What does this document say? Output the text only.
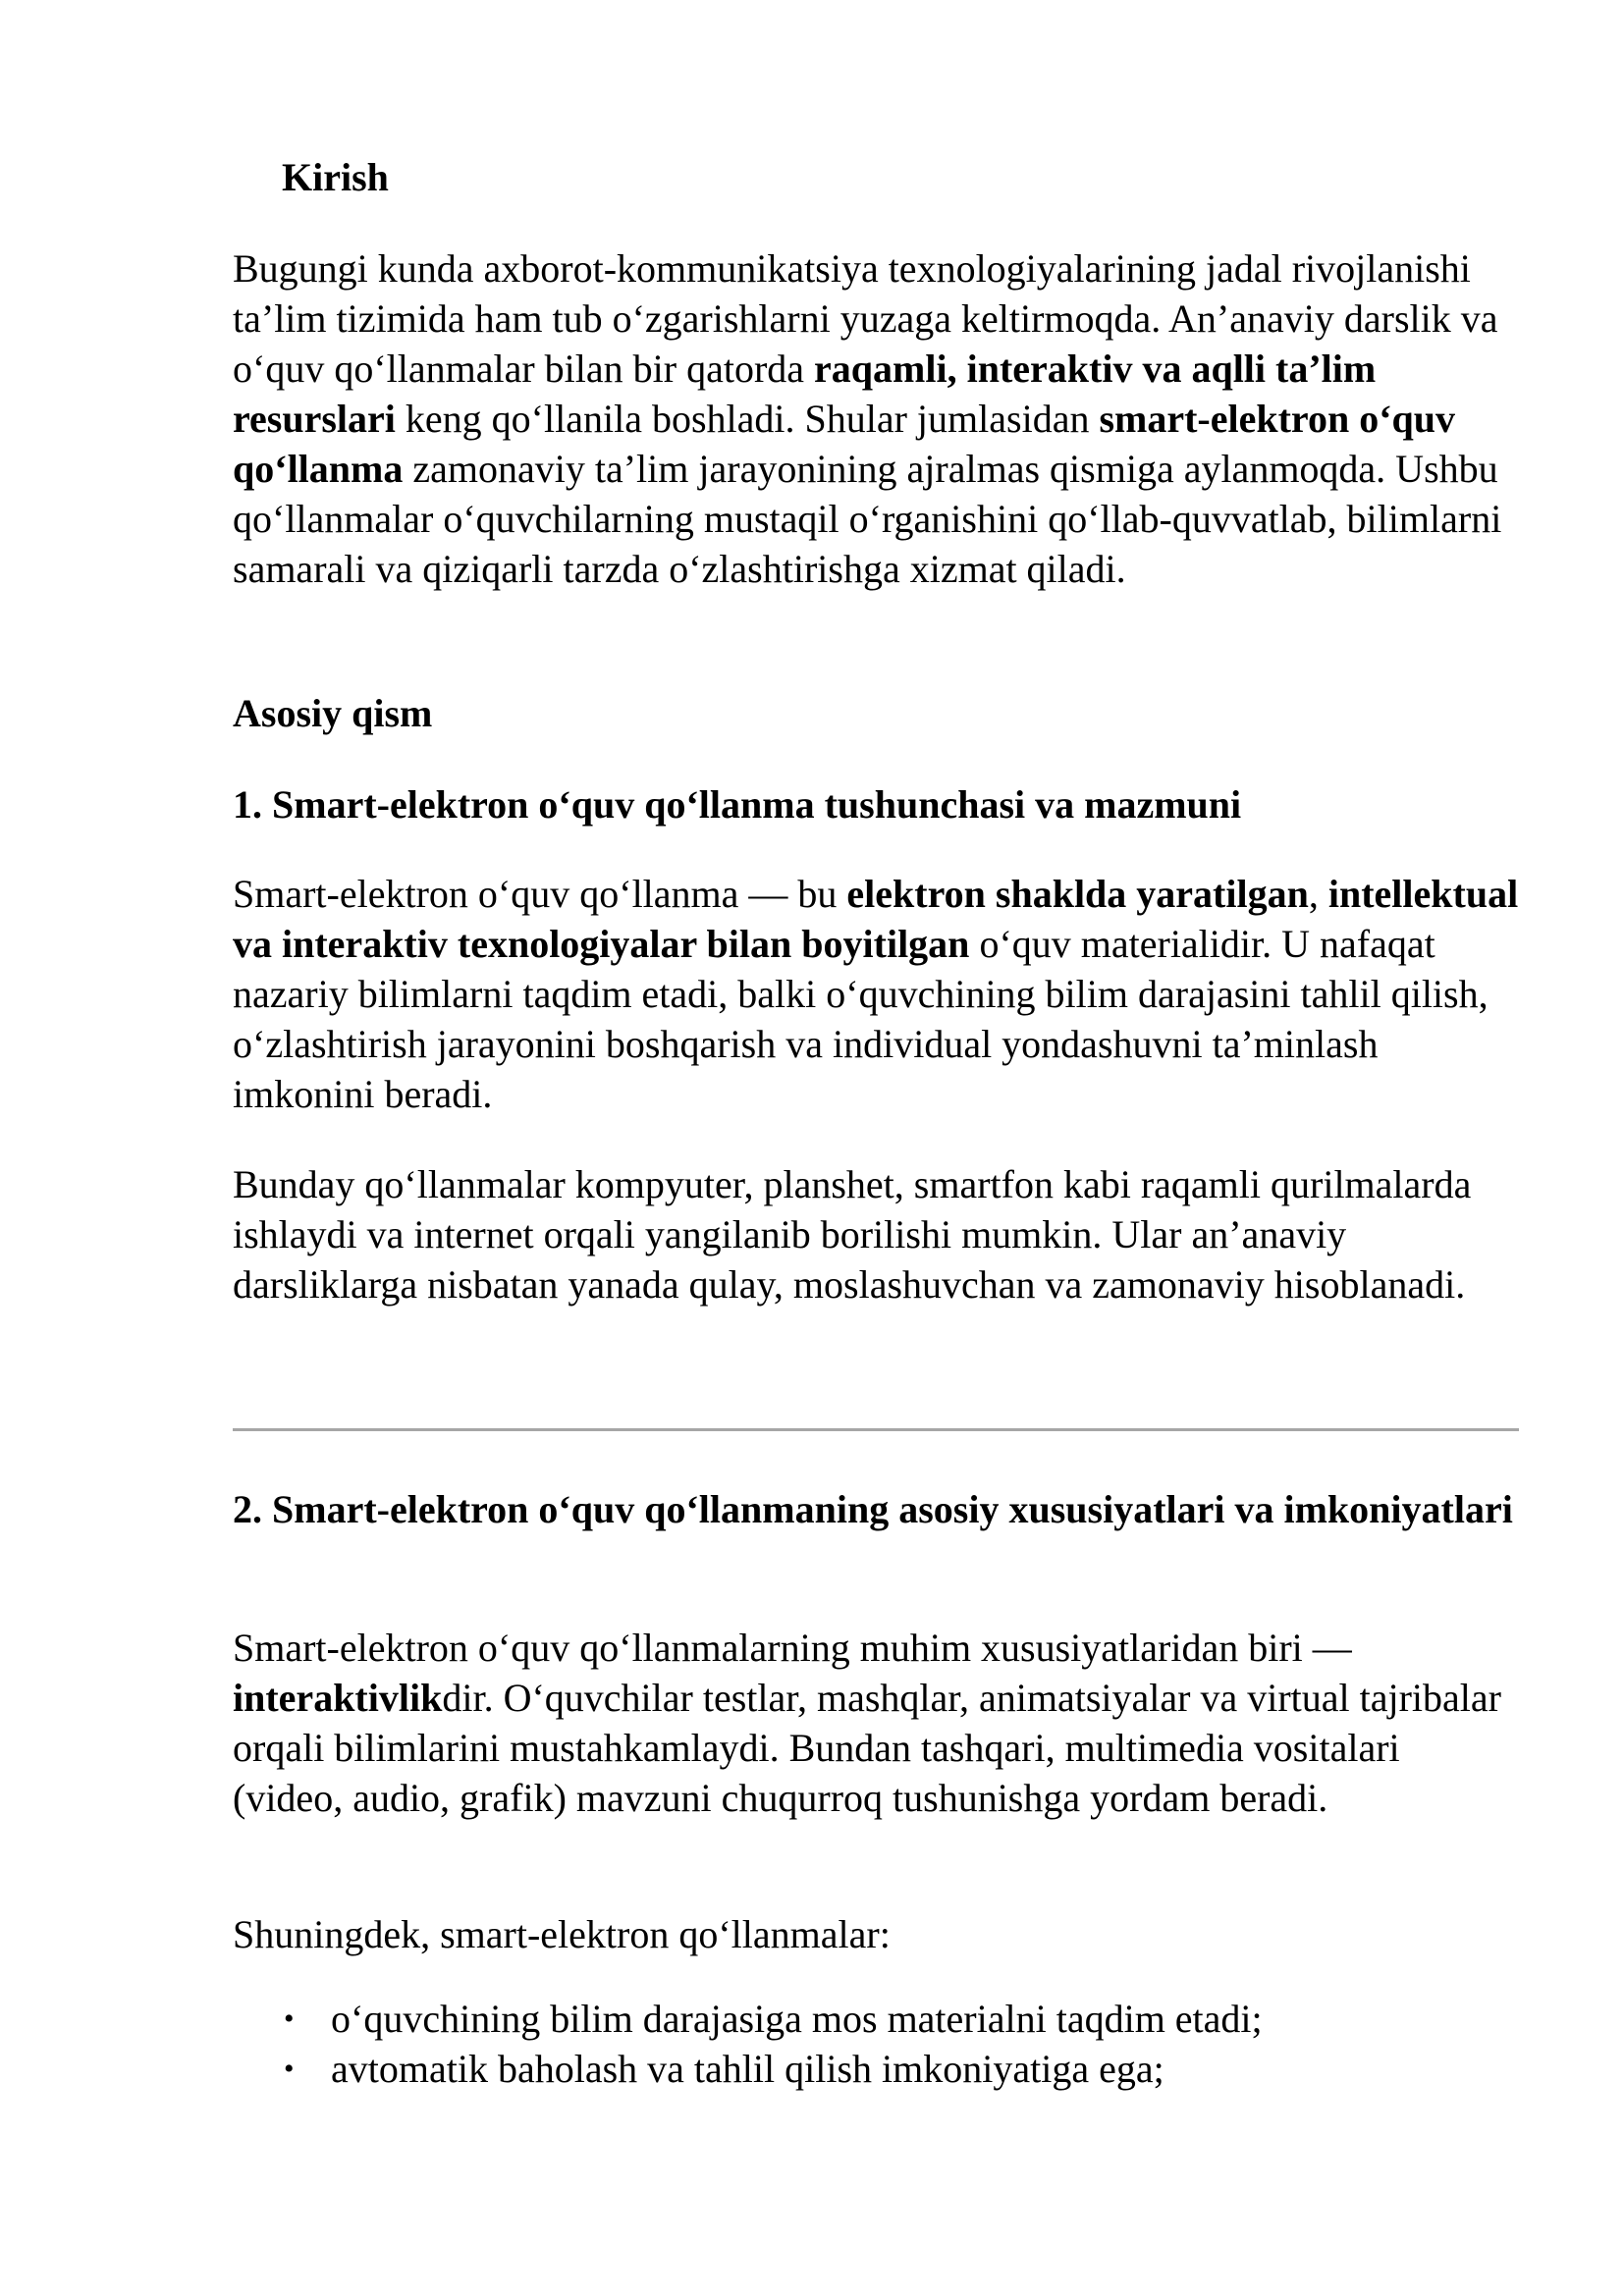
Kirish

Bugungi kunda axborot-kommunikatsiya texnologiyalarining jadal rivojlanishi ta’lim tizimida ham tub o‘zgarishlarni yuzaga keltirmoqda. An’anaviy darslik va o‘quv qo‘llanmalar bilan bir qatorda raqamli, interaktiv va aqlli ta’lim resurslari keng qo‘llanila boshladi. Shular jumlasidan smart-elektron o‘quv qo‘llanma zamonaviy ta’lim jarayonining ajralmas qismiga aylanmoqda. Ushbu qo‘llanmalar o‘quvchilarning mustaqil o‘rganishini qo‘llab-quvvatlab, bilimlarni samarali va qiziqarli tarzda o‘zlashtirishga xizmat qiladi.

Asosiy qism
1. Smart-elektron o‘quv qo‘llanma tushunchasi va mazmuni

Smart-elektron o‘quv qo‘llanma — bu elektron shaklda yaratilgan, intellektual va interaktiv texnologiyalar bilan boyitilgan o‘quv materialidir. U nafaqat nazariy bilimlarni taqdim etadi, balki o‘quvchining bilim darajasini tahlil qilish, o‘zlashtirish jarayonini boshqarish va individual yondashuvni ta’minlash imkonini beradi.

Bunday qo‘llanmalar kompyuter, planshet, smartfon kabi raqamli qurilmalarda ishlaydi va internet orqali yangilanib borilishi mumkin. Ular an’anaviy darsliklarga nisbatan yanada qulay, moslashuvchan va zamonaviy hisoblanadi.

2. Smart-elektron o‘quv qo‘llanmaning asosiy xususiyatlari va imkoniyatlari

Smart-elektron o‘quv qo‘llanmalarning muhim xususiyatlaridan biri — interaktivlikdir. O‘quvchilar testlar, mashqlar, animatsiyalar va virtual tajribalar orqali bilimlarini mustahkamlaydi. Bundan tashqari, multimedia vositalari (video, audio, grafik) mavzuni chuqurroq tushunishga yordam beradi.

Shuningdek, smart-elektron qo‘llanmalar:

• o‘quvchining bilim darajasiga mos materialni taqdim etadi;
• avtomatik baholash va tahlil qilish imkoniyatiga ega;
